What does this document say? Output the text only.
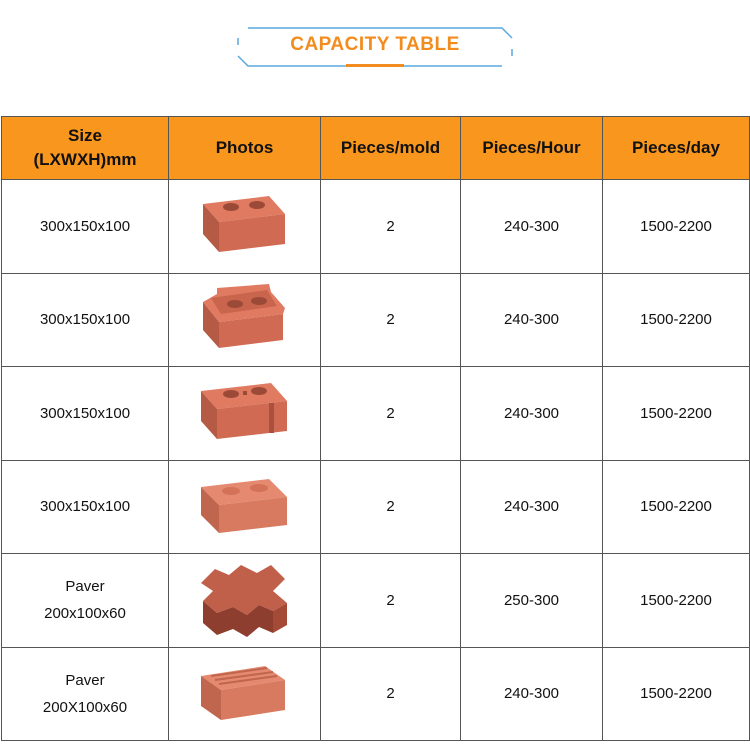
CAPACITY TABLE
Size
(LXWXH)mm	Photos	Pieces/mold	Pieces/Hour	Pieces/day

300x150x100		2	240-300	1500-2200

300x150x100		2	240-300	1500-2200

300x150x100		2	240-300	1500-2200

300x150x100		2	240-300	1500-2200

Paver
200x100x60		2	250-300	1500-2200

Paver
200X100x60		2	240-300	1500-2200
